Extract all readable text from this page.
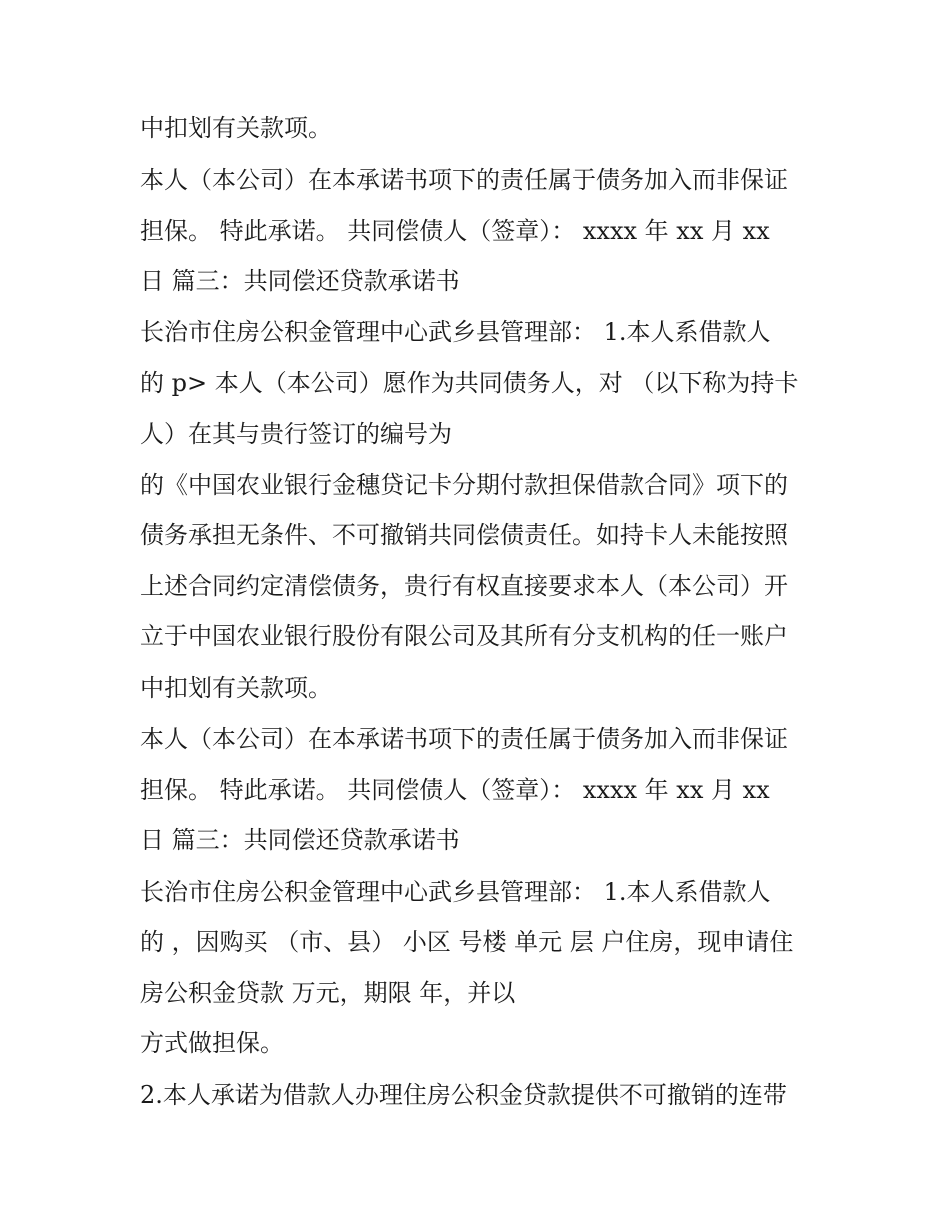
中扣划有关款项。

本人（本公司）在本承诺书项下的责任属于债务加入而非保证

担保。 特此承诺。 共同偿债人（签章）： xxxx 年 xx 月 xx

日 篇三：共同偿还贷款承诺书

长治市住房公积金管理中心武乡县管理部： 1.本人系借款人

的 p> 本人（本公司）愿作为共同债务人，对 （以下称为持卡

人）在其与贵行签订的编号为

的《中国农业银行金穗贷记卡分期付款担保借款合同》项下的

债务承担无条件、不可撤销共同偿债责任。如持卡人未能按照

上述合同约定清偿债务，贵行有权直接要求本人（本公司）开

立于中国农业银行股份有限公司及其所有分支机构的任一账户

中扣划有关款项。

本人（本公司）在本承诺书项下的责任属于债务加入而非保证

担保。 特此承诺。 共同偿债人（签章）： xxxx 年 xx 月 xx

日 篇三：共同偿还贷款承诺书

长治市住房公积金管理中心武乡县管理部： 1.本人系借款人

的 ，因购买 （市、县） 小区 号楼 单元 层 户住房，现申请住

房公积金贷款 万元，期限 年，并以

方式做担保。

2.本人承诺为借款人办理住房公积金贷款提供不可撤销的连带
